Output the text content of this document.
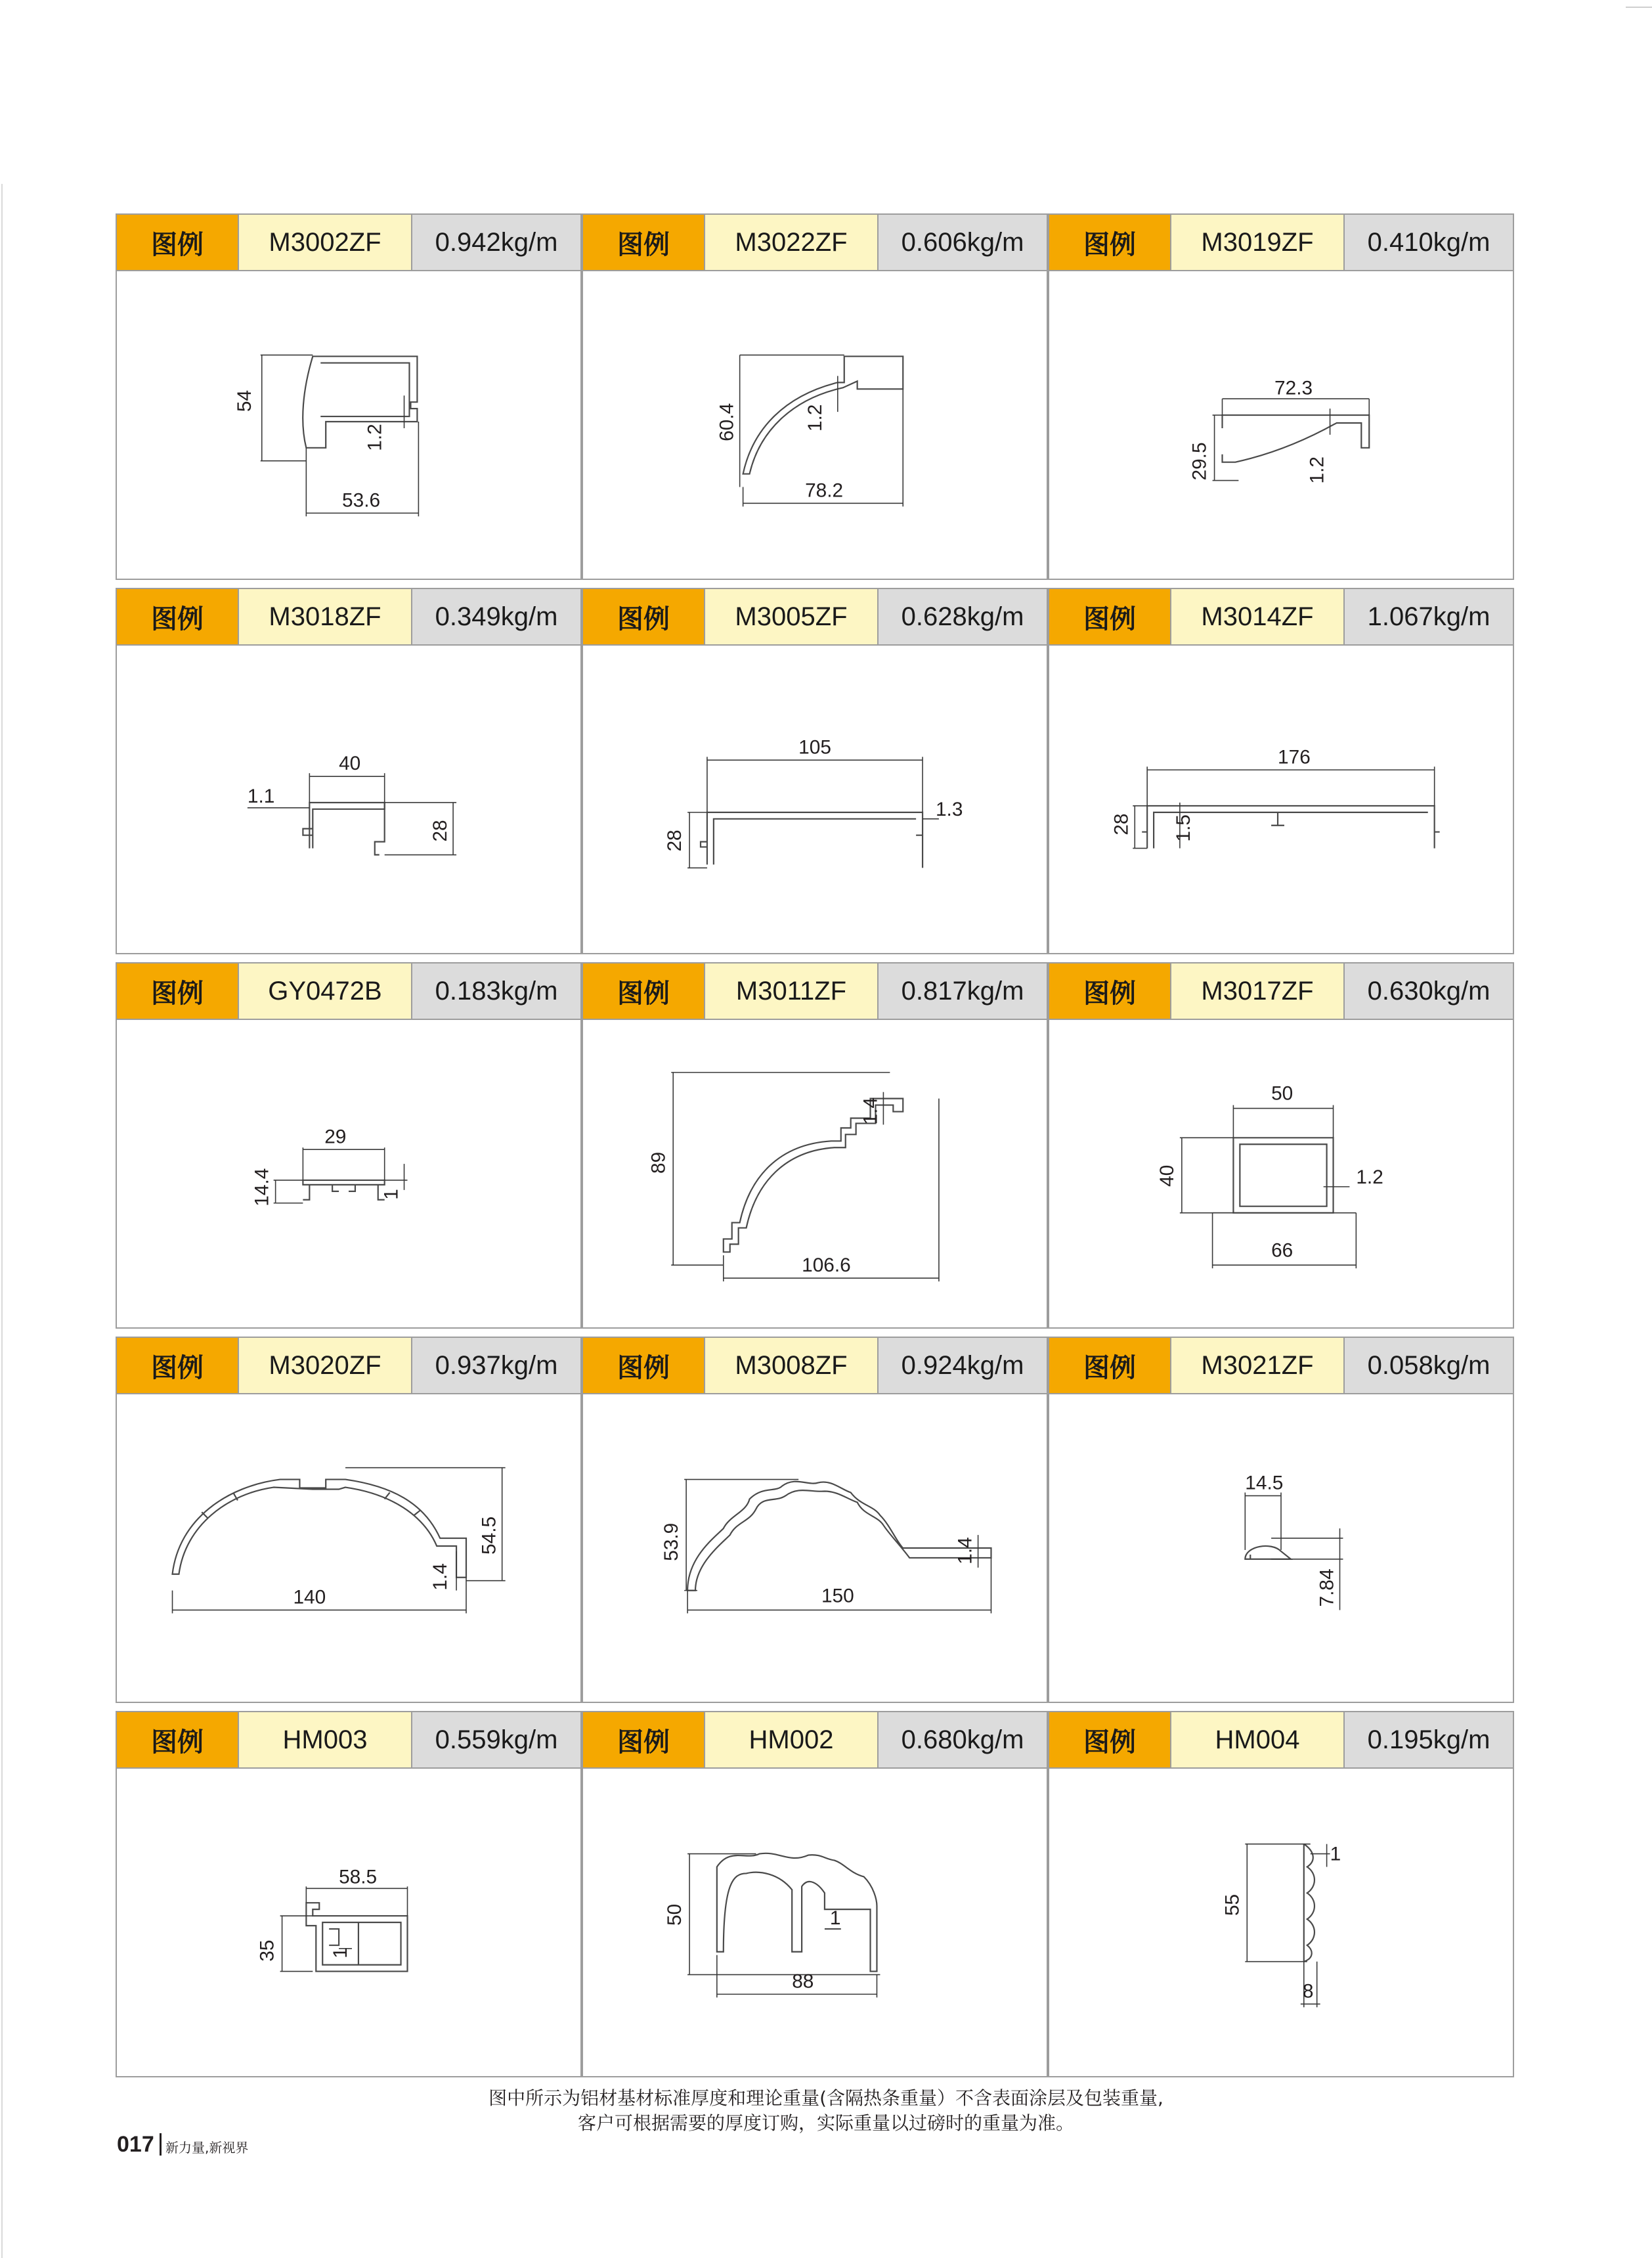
图例	M3002ZF	0.942kg/m
54
1.2
53.6
图例	M3022ZF	0.606kg/m
60.4	1.2
78.2
图例	M3019ZF	0.410kg/m
72.3
29.5	1.2
图例	M3018ZF	0.349kg/m
40
1.1
28
图例	M3005ZF	0.628kg/m
105
28
1.3
图例	M3014ZF	1.067kg/m
176
28 1.5
图例	GY0472B	0.183kg/m
29
14.4	1
图例	M3011ZF	0.817kg/m
89
1.4
106.6
图例	M3017ZF	0.630kg/m
50
40	1.2
66
图例	M3020ZF	0.937kg/m
140
54.5
1.4
图例	M3008ZF	0.924kg/m
53.9	1.4
150
图例	M3021ZF	0.058kg/m
14.5
7.84
图例	HM003	0.559kg/m
58.5
35	1
图例	HM002	0.680kg/m
50	1
88
图例	HM004	0.195kg/m
1
55
8
图中所示为铝材基材标准厚度和理论重量(含隔热条重量）不含表面涂层及包装重量,
客户可根据需要的厚度订购，实际重量以过磅时的重量为准。
017 新力量,新视界
